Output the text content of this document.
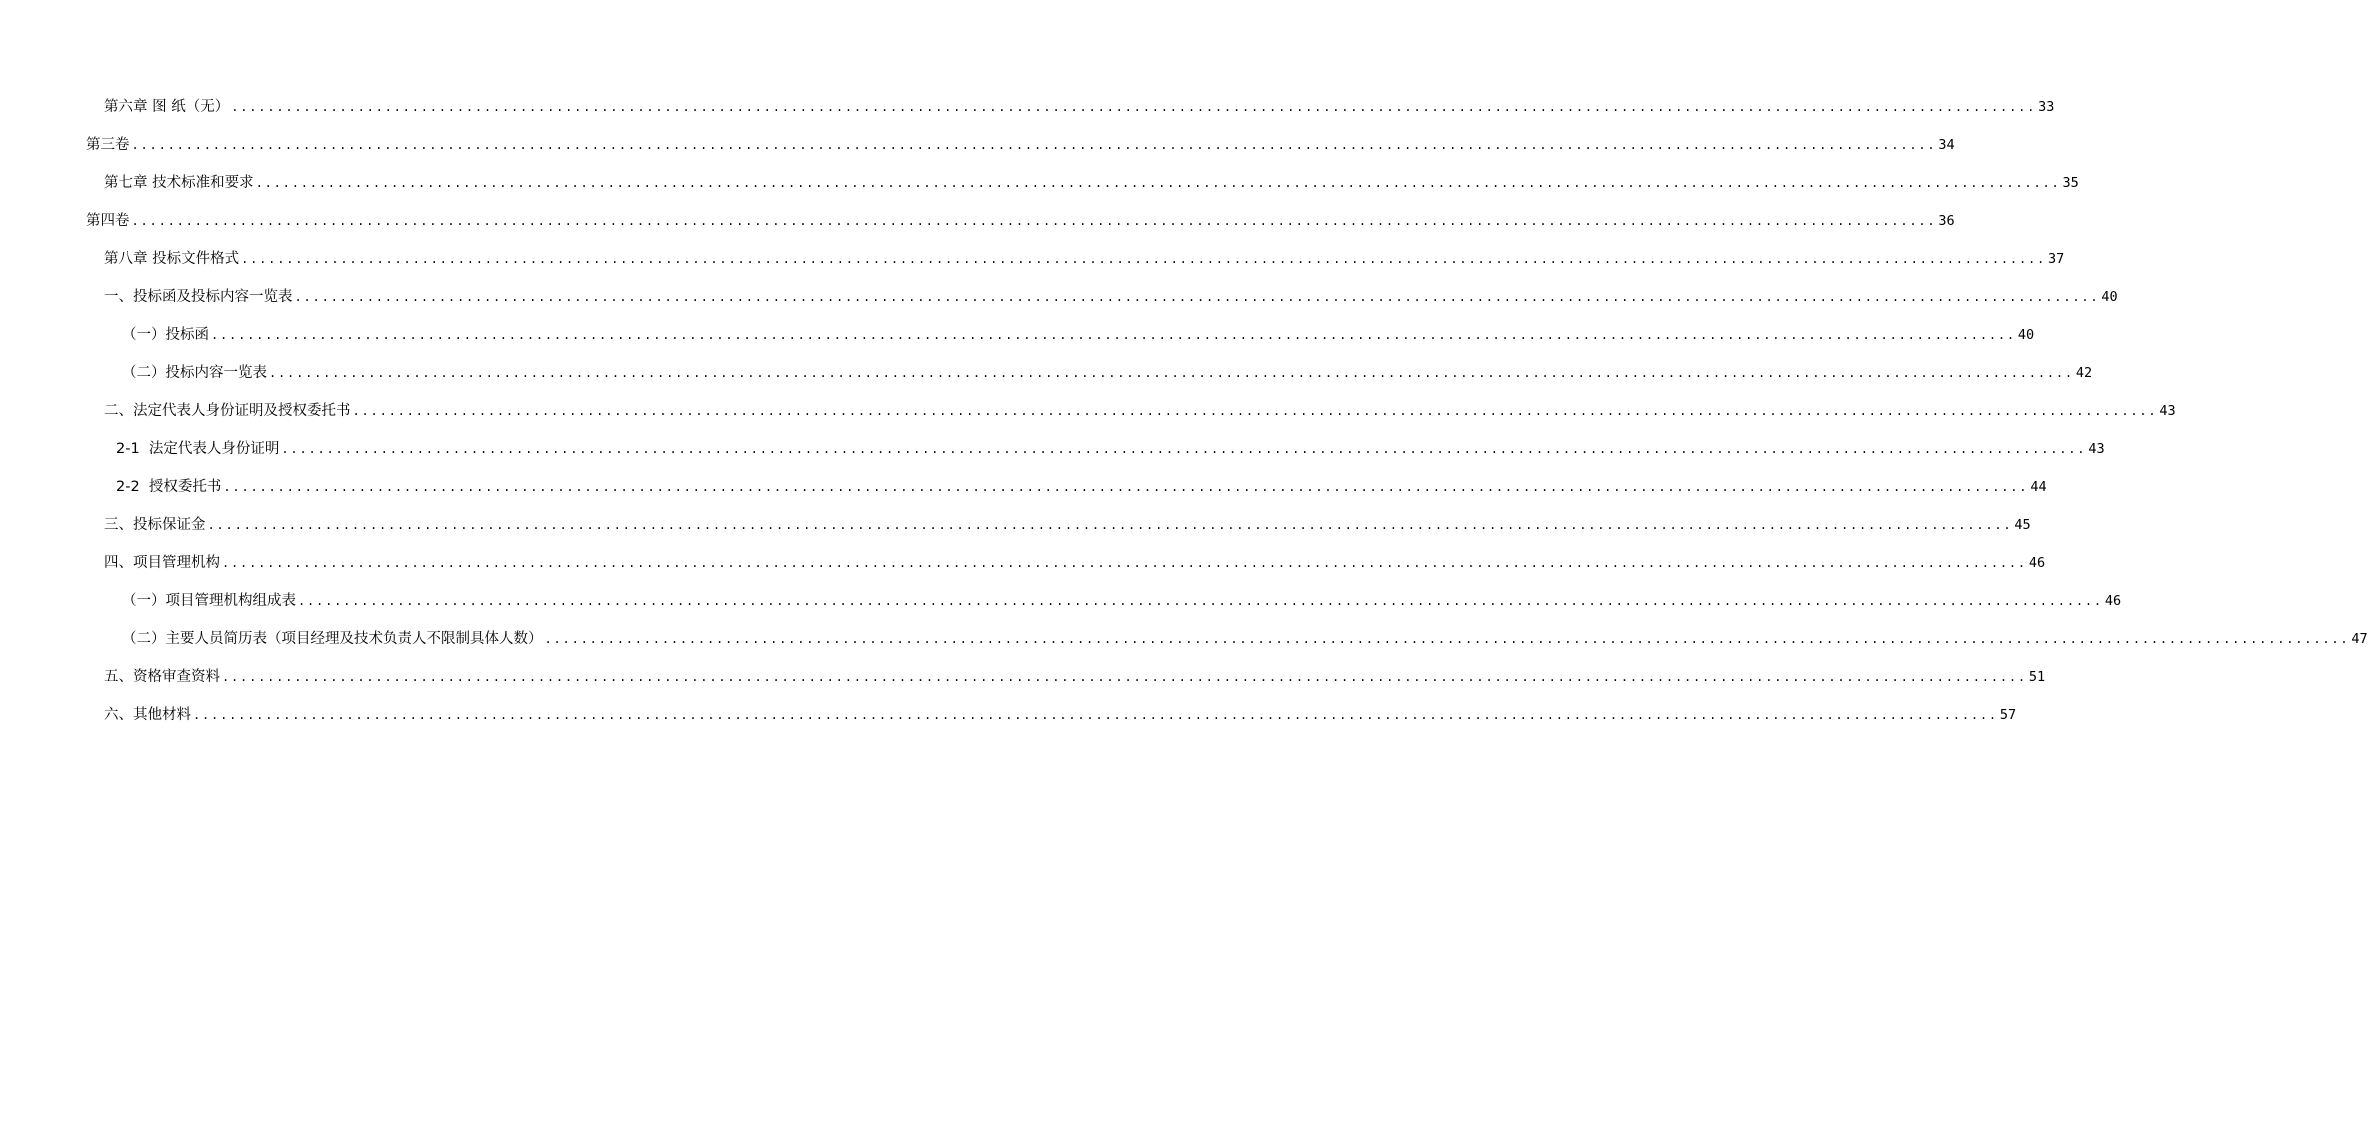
第六章 图 纸（无） ........................................................................................................................................................................................................ 33
第三卷 ........................................................................................................................................................................................................ 34
第七章 技术标准和要求 ........................................................................................................................................................................................................ 35
第四卷 ........................................................................................................................................................................................................ 36
第八章 投标文件格式 ........................................................................................................................................................................................................ 37
一、投标函及投标内容一览表 ........................................................................................................................................................................................................ 40
（一）投标函 ........................................................................................................................................................................................................ 40
（二）投标内容一览表 ........................................................................................................................................................................................................ 42
二、法定代表人身份证明及授权委托书 ........................................................................................................................................................................................................ 43
2-1  法定代表人身份证明 ........................................................................................................................................................................................................ 43
2-2  授权委托书 ........................................................................................................................................................................................................ 44
三、投标保证金 ........................................................................................................................................................................................................ 45
四、项目管理机构 ........................................................................................................................................................................................................ 46
（一）项目管理机构组成表 ........................................................................................................................................................................................................ 46
（二）主要人员简历表（项目经理及技术负责人不限制具体人数） ........................................................................................................................................................................................................ 47
五、资格审查资料 ........................................................................................................................................................................................................ 51
六、其他材料 ........................................................................................................................................................................................................ 57
